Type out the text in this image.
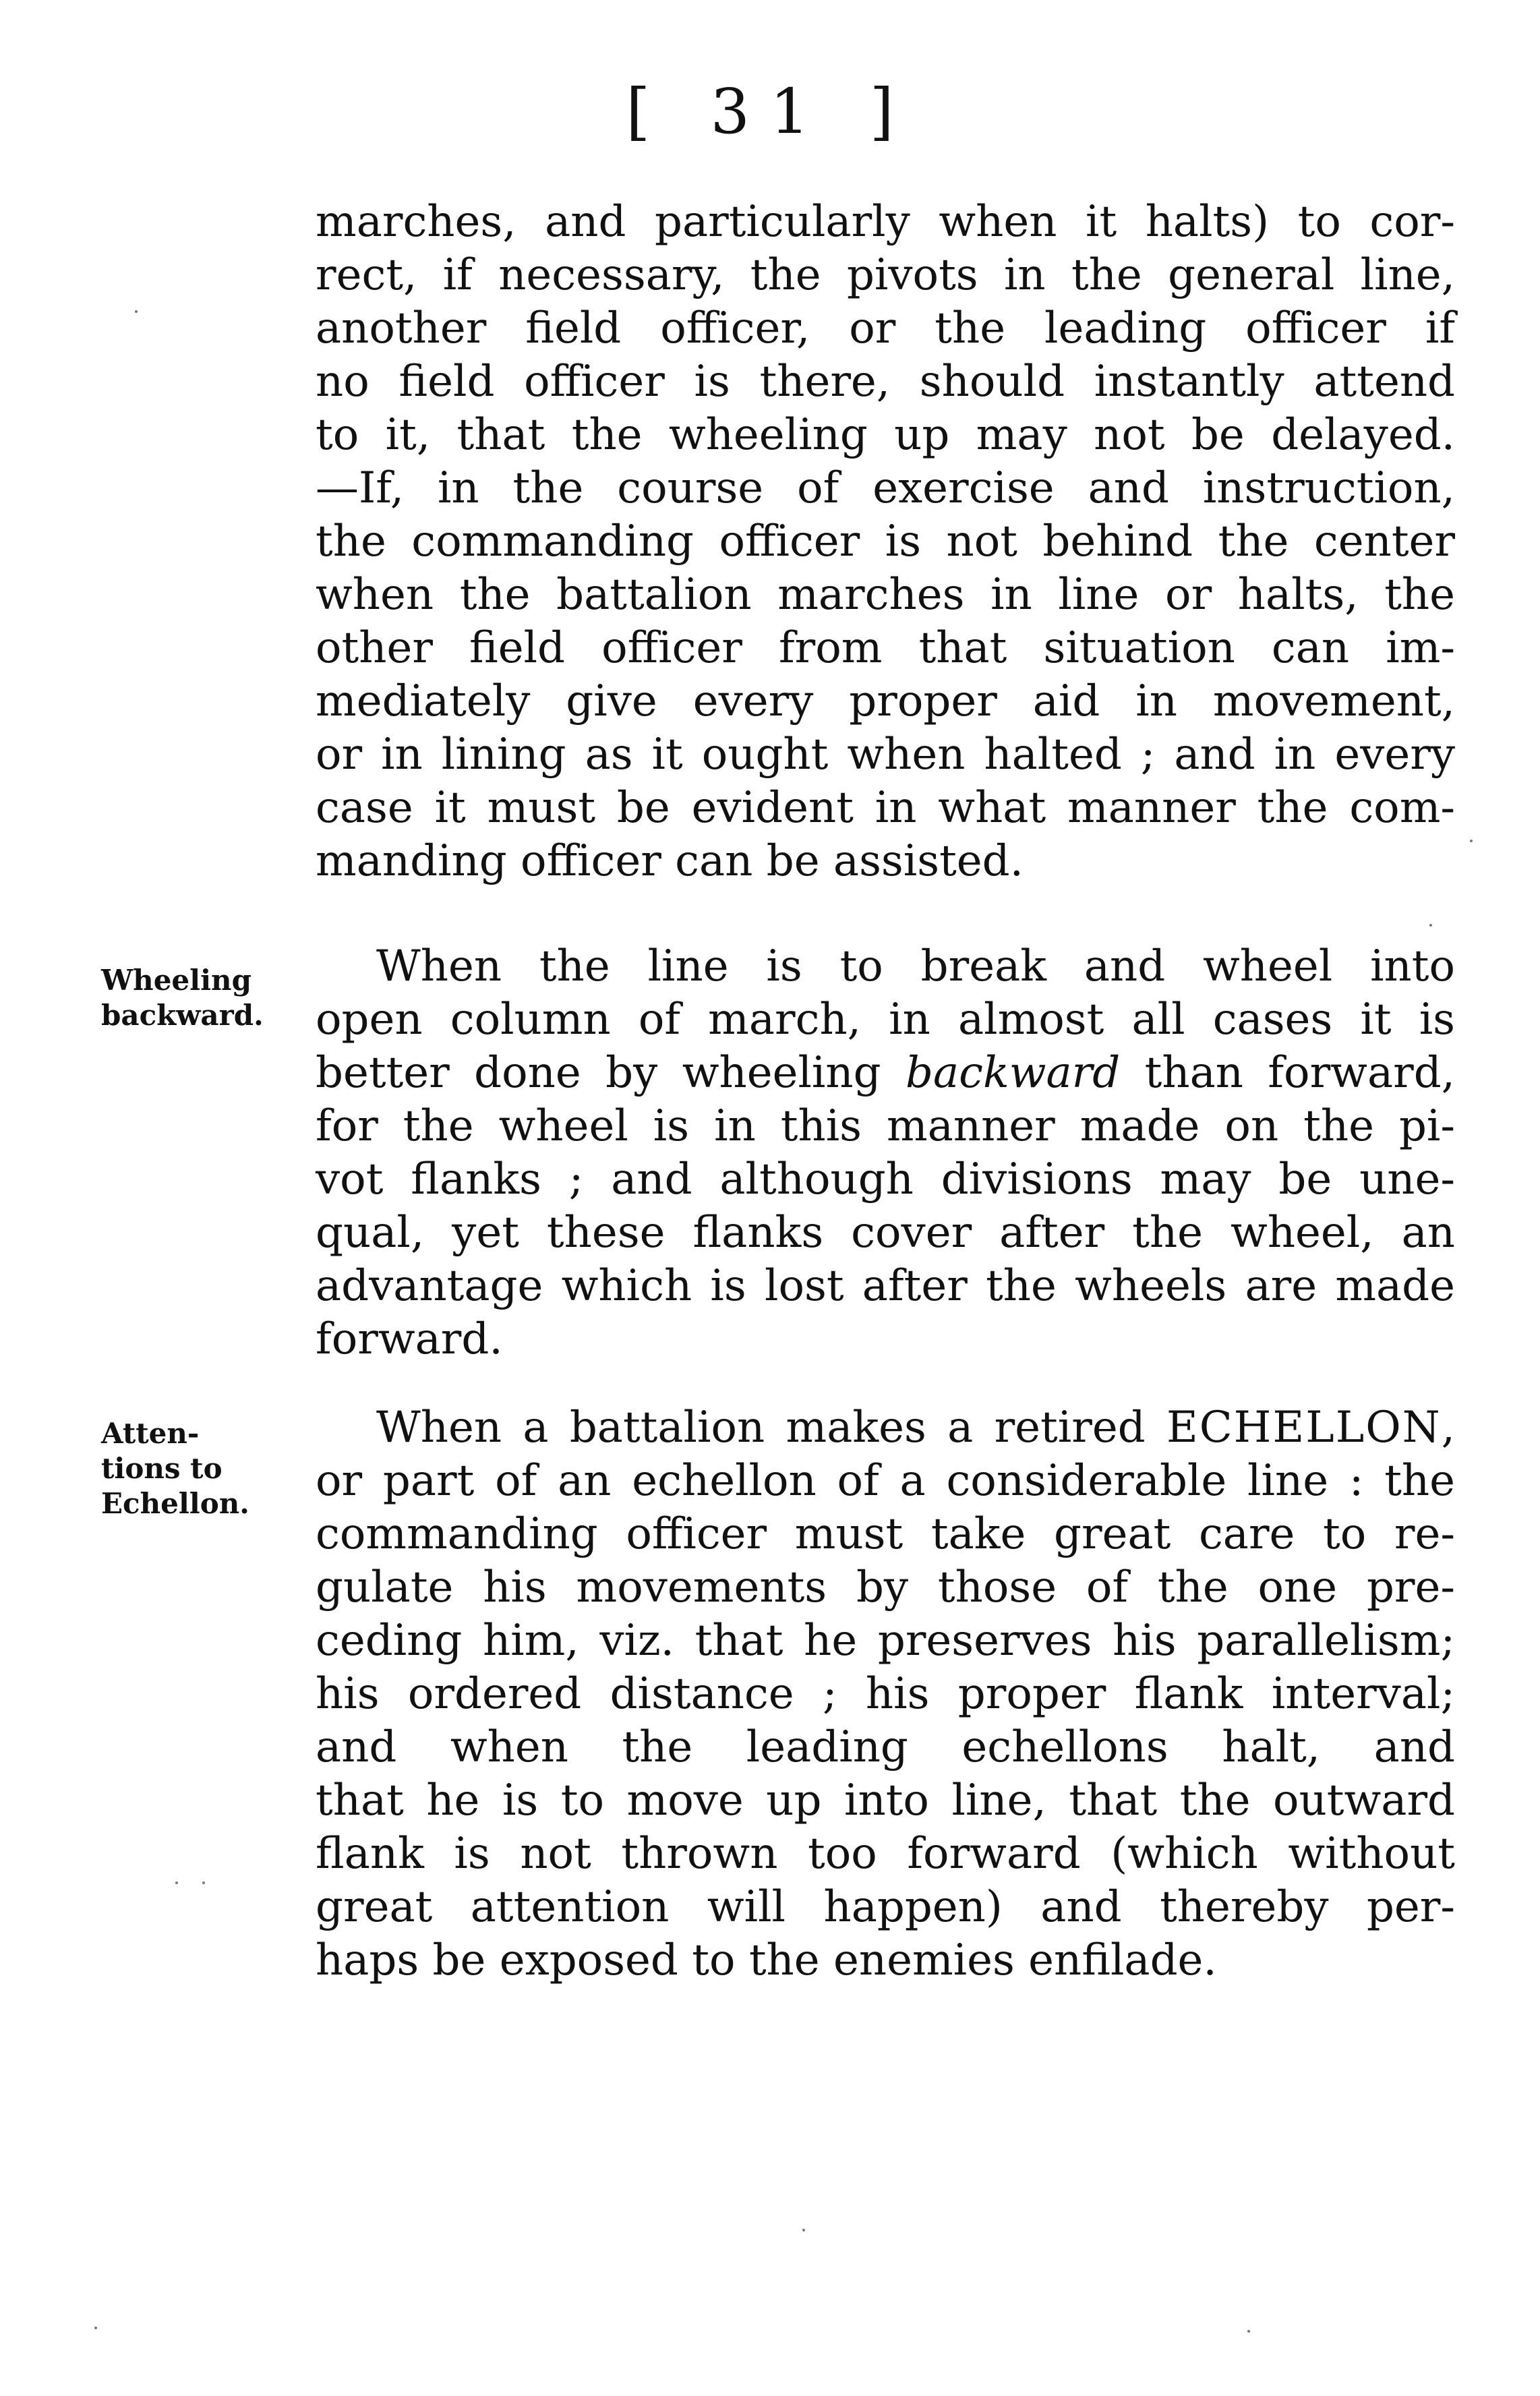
[ 31 ]
marches, and particularly when it halts) to cor-
rect, if necessary, the pivots in the general line,
another field officer, or the leading officer if
no field officer is there, should instantly attend
to it, that the wheeling up may not be delayed.
—If, in the course of exercise and instruction,
the commanding officer is not behind the center
when the battalion marches in line or halts, the
other field officer from that situation can im-
mediately give every proper aid in movement,
or in lining as it ought when halted ; and in every
case it must be evident in what manner the com-
manding officer can be assisted.
Wheeling
backward.
When the line is to break and wheel into
open column of march, in almost all cases it is
better done by wheeling backward than forward,
for the wheel is in this manner made on the pi-
vot flanks ; and although divisions may be une-
qual, yet these flanks cover after the wheel, an
advantage which is lost after the wheels are made
forward.
Atten-
tions to
Echellon.
When a battalion makes a retired ECHELLON,
or part of an echellon of a considerable line : the
commanding officer must take great care to re-
gulate his movements by those of the one pre-
ceding him, viz. that he preserves his parallelism;
his ordered distance ; his proper flank interval;
and when the leading echellons halt, and
that he is to move up into line, that the outward
flank is not thrown too forward (which without
great attention will happen) and thereby per-
haps be exposed to the enemies enfilade.
